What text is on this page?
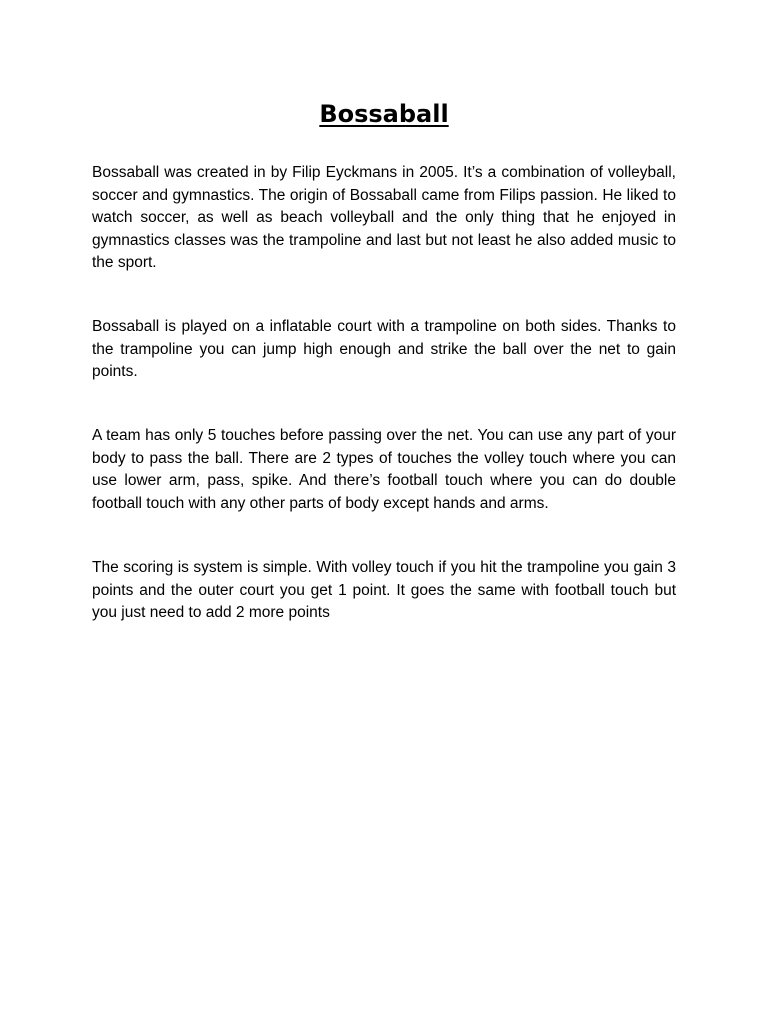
Bossaball

Bossaball was created in by Filip Eyckmans in 2005. It’s a combination of volleyball, soccer and gymnastics. The origin of Bossaball came from Filips passion. He liked to watch soccer, as well as beach volleyball and the only thing that he enjoyed in gymnastics classes was the trampoline and last but not least he also added music to the sport.

Bossaball is played on a inflatable court with a trampoline on both sides. Thanks to the trampoline you can jump high enough and strike the ball over the net to gain points.

A team has only 5 touches before passing over the net. You can use any part of your body to pass the ball. There are 2 types of touches the volley touch where you can use lower arm, pass, spike. And there’s football touch where you can do double football touch with any other parts of body except hands and arms.

The scoring is system is simple. With volley touch if you hit the trampoline you gain 3 points and the outer court you get 1 point. It goes the same with football touch but you just need to add 2 more points
